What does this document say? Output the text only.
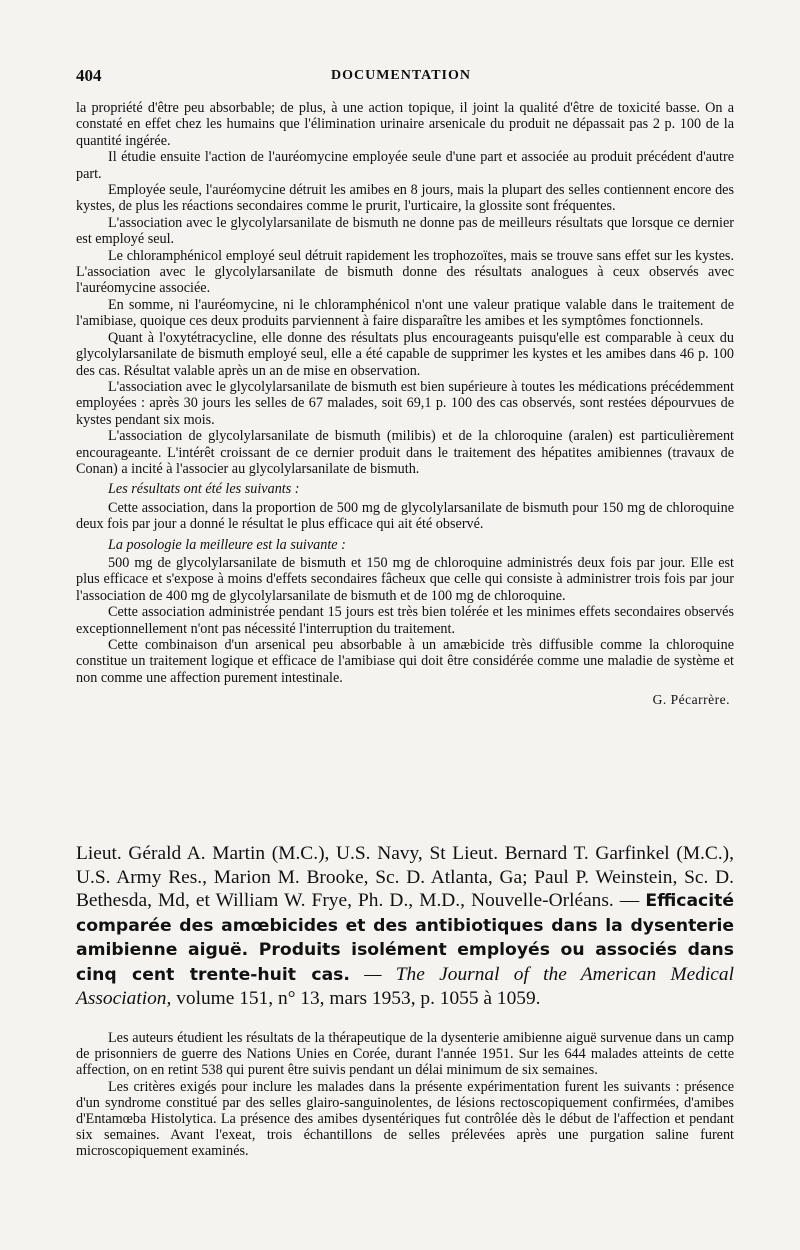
404	DOCUMENTATION

la propriété d'être peu absorbable; de plus, à une action topique, il joint la qualité d'être de toxicité basse. On a constaté en effet chez les humains que l'élimination urinaire arsenicale du produit ne dépassait pas 2 p. 100 de la quantité ingérée.

Il étudie ensuite l'action de l'auréomycine employée seule d'une part et associée au produit précédent d'autre part.

Employée seule, l'auréomycine détruit les amibes en 8 jours, mais la plupart des selles contiennent encore des kystes, de plus les réactions secondaires comme le prurit, l'urticaire, la glossite sont fréquentes.

L'association avec le glycolylarsanilate de bismuth ne donne pas de meilleurs résultats que lorsque ce dernier est employé seul.

Le chloramphénicol employé seul détruit rapidement les trophozoïtes, mais se trouve sans effet sur les kystes. L'association avec le glycolylarsanilate de bismuth donne des résultats analogues à ceux observés avec l'auréomycine associée.

En somme, ni l'auréomycine, ni le chloramphénicol n'ont une valeur pratique valable dans le traitement de l'amibiase, quoique ces deux produits parviennent à faire disparaître les amibes et les symptômes fonctionnels.

Quant à l'oxytétracycline, elle donne des résultats plus encourageants puisqu'elle est comparable à ceux du glycolylarsanilate de bismuth employé seul, elle a été capable de supprimer les kystes et les amibes dans 46 p. 100 des cas. Résultat valable après un an de mise en observation.

L'association avec le glycolylarsanilate de bismuth est bien supérieure à toutes les médications précédemment employées : après 30 jours les selles de 67 malades, soit 69,1 p. 100 des cas observés, sont restées dépourvues de kystes pendant six mois.

L'association de glycolylarsanilate de bismuth (milibis) et de la chloroquine (aralen) est particulièrement encourageante. L'intérêt croissant de ce dernier produit dans le traitement des hépatites amibiennes (travaux de Conan) a incité à l'associer au glycolylarsanilate de bismuth.

Les résultats ont été les suivants :

Cette association, dans la proportion de 500 mg de glycolylarsanilate de bismuth pour 150 mg de chloroquine deux fois par jour a donné le résultat le plus efficace qui ait été observé.

La posologie la meilleure est la suivante :

500 mg de glycolylarsanilate de bismuth et 150 mg de chloroquine administrés deux fois par jour. Elle est plus efficace et s'expose à moins d'effets secondaires fâcheux que celle qui consiste à administrer trois fois par jour l'association de 400 mg de glycolylarsanilate de bismuth et de 100 mg de chloroquine.

Cette association administrée pendant 15 jours est très bien tolérée et les minimes effets secondaires observés exceptionnellement n'ont pas nécessité l'interruption du traitement.

Cette combinaison d'un arsenical peu absorbable à un amæbicide très diffusible comme la chloroquine constitue un traitement logique et efficace de l'amibiase qui doit être considérée comme une maladie de système et non comme une affection purement intestinale.

G. Pécarrère.
Lieut. Gérald A. Martin (M.C.), U.S. Navy, St Lieut. Bernard T. Garfinkel (M.C.), U.S. Army Res., Marion M. Brooke, Sc. D. Atlanta, Ga; Paul P. Weinstein, Sc. D. Bethesda, Md, et William W. Frye, Ph. D., M.D., Nouvelle-Orléans. — Efficacité comparée des amœbicides et des antibiotiques dans la dysenterie amibienne aiguë. Produits isolément employés ou associés dans cinq cent trente-huit cas. — The Journal of the American Medical Association, volume 151, n° 13, mars 1953, p. 1055 à 1059.

Les auteurs étudient les résultats de la thérapeutique de la dysenterie amibienne aiguë survenue dans un camp de prisonniers de guerre des Nations Unies en Corée, durant l'année 1951. Sur les 644 malades atteints de cette affection, on en retint 538 qui purent être suivis pendant un délai minimum de six semaines.

Les critères exigés pour inclure les malades dans la présente expérimentation furent les suivants : présence d'un syndrome constitué par des selles glairo-sanguinolentes, de lésions rectoscopiquement confirmées, d'amibes d'Entamœba Histolytica. La présence des amibes dysentériques fut contrôlée dès le début de l'affection et pendant six semaines. Avant l'exeat, trois échantillons de selles prélevées après une purgation saline furent microscopiquement examinés.
